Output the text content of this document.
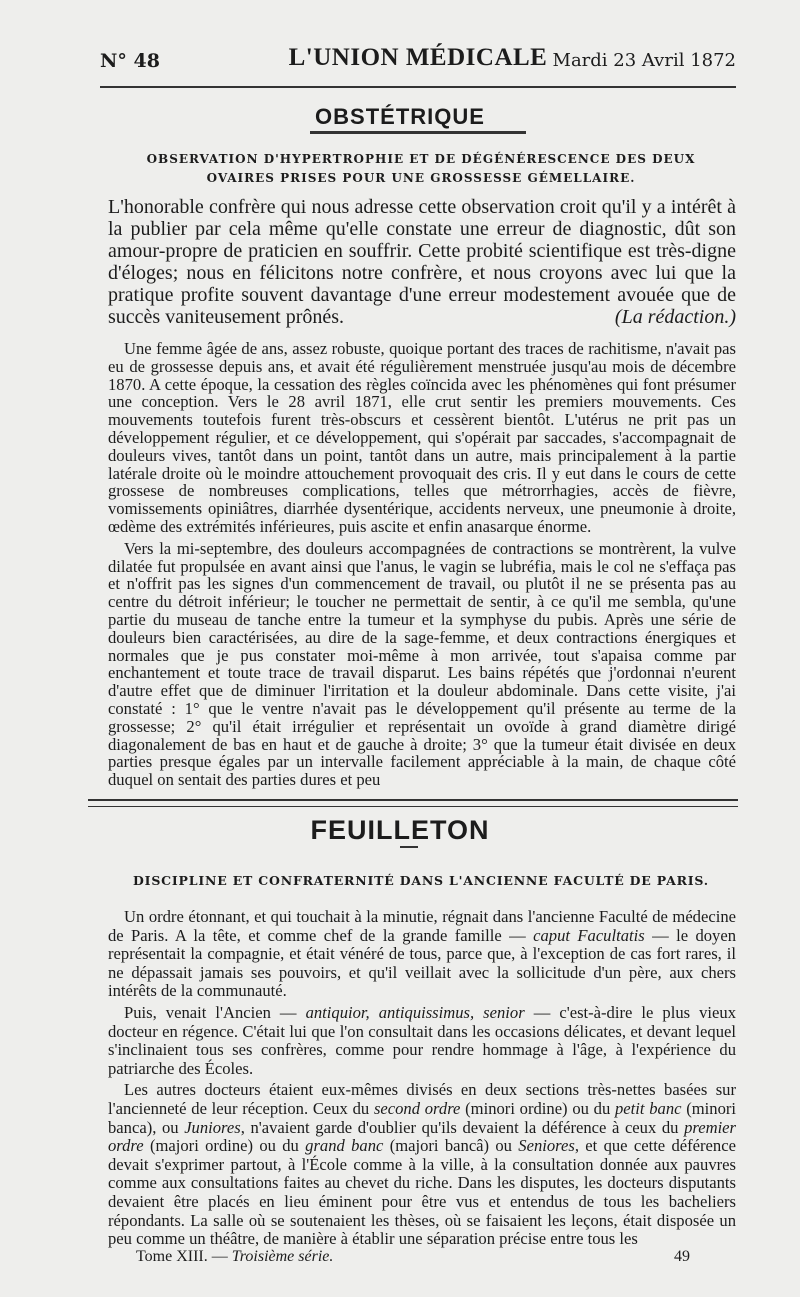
N° 48	L'UNION MÉDICALE Mardi 23 Avril 1872
OBSTÉTRIQUE
OBSERVATION D'HYPERTROPHIE ET DE DÉGÉNÉRESCENCE DES DEUX OVAIRES PRISES POUR UNE GROSSESSE GÉMELLAIRE.

L'honorable confrère qui nous adresse cette observation croit qu'il y a intérêt à la publier par cela même qu'elle constate une erreur de diagnostic, dût son amour-propre de praticien en souffrir. Cette probité scientifique est très-digne d'éloges; nous en félicitons notre confrère, et nous croyons avec lui que la pratique profite souvent davantage d'une erreur modestement avouée que de succès vaniteusement prônés.	(La rédaction.)

Une femme âgée de ans, assez robuste, quoique portant des traces de rachitisme, n'avait pas eu de grossesse depuis ans, et avait été régulièrement menstruée jusqu'au mois de décembre 1870. A cette époque, la cessation des règles coïncida avec les phénomènes qui font présumer une conception. Vers le 28 avril 1871, elle crut sentir les premiers mouvements. Ces mouvements toutefois furent très-obscurs et cessèrent bientôt. L'utérus ne prit pas un développement régulier, et ce développement, qui s'opérait par saccades, s'accompagnait de douleurs vives, tantôt dans un point, tantôt dans un autre, mais principalement à la partie latérale droite où le moindre attouchement provoquait des cris. Il y eut dans le cours de cette grossese de nombreuses complications, telles que métrorrhagies, accès de fièvre, vomissements opiniâtres, diarrhée dysentérique, accidents nerveux, une pneumonie à droite, œdème des extrémités inférieures, puis ascite et enfin anasarque énorme.

Vers la mi-septembre, des douleurs accompagnées de contractions se montrèrent, la vulve dilatée fut propulsée en avant ainsi que l'anus, le vagin se lubréfia, mais le col ne s'effaça pas et n'offrit pas les signes d'un commencement de travail, ou plutôt il ne se présenta pas au centre du détroit inférieur; le toucher ne permettait de sentir, à ce qu'il me sembla, qu'une partie du museau de tanche entre la tumeur et la symphyse du pubis. Après une série de douleurs bien caractérisées, au dire de la sage-femme, et deux contractions énergiques et normales que je pus constater moi-même à mon arrivée, tout s'apaisa comme par enchantement et toute trace de travail disparut. Les bains répétés que j'ordonnai n'eurent d'autre effet que de diminuer l'irritation et la douleur abdominale. Dans cette visite, j'ai constaté : 1° que le ventre n'avait pas le développement qu'il présente au terme de la grossesse; 2° qu'il était irrégulier et représentait un ovoïde à grand diamètre dirigé diagonalement de bas en haut et de gauche à droite; 3° que la tumeur était divisée en deux parties presque égales par un intervalle facilement appréciable à la main, de chaque côté duquel on sentait des parties dures et peu

FEUILLETON
DISCIPLINE ET CONFRATERNITÉ DANS L'ANCIENNE FACULTÉ DE PARIS.

Un ordre étonnant, et qui touchait à la minutie, régnait dans l'ancienne Faculté de médecine de Paris. A la tête, et comme chef de la grande famille — caput Facultatis — le doyen représentait la compagnie, et était vénéré de tous, parce que, à l'exception de cas fort rares, il ne dépassait jamais ses pouvoirs, et qu'il veillait avec la sollicitude d'un père, aux chers intérêts de la communauté.

Puis, venait l'Ancien — antiquior, antiquissimus, senior — c'est-à-dire le plus vieux docteur en régence. C'était lui que l'on consultait dans les occasions délicates, et devant lequel s'inclinaient tous ses confrères, comme pour rendre hommage à l'âge, à l'expérience du patriarche des Écoles.

Les autres docteurs étaient eux-mêmes divisés en deux sections très-nettes basées sur l'ancienneté de leur réception. Ceux du second ordre (minori ordine) ou du petit banc (minori banca), ou Juniores, n'avaient garde d'oublier qu'ils devaient la déférence à ceux du premier ordre (majori ordine) ou du grand banc (majori bancâ) ou Seniores, et que cette déférence devait s'exprimer partout, à l'École comme à la ville, à la consultation donnée aux pauvres comme aux consultations faites au chevet du riche. Dans les disputes, les docteurs disputants devaient être placés en lieu éminent pour être vus et entendus de tous les bacheliers répondants. La salle où se soutenaient les thèses, où se faisaient les leçons, était disposée un peu comme un théâtre, de manière à établir une séparation précise entre tous les

Tome XIII. — Troisième série.	49
